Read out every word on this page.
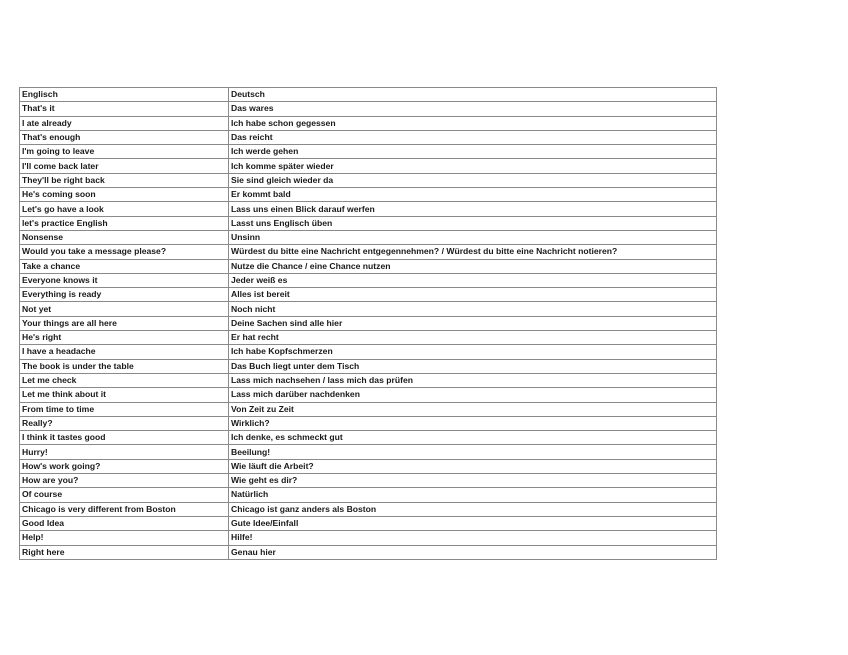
Englisch	Deutsch
That's it	Das wares
I ate already	Ich habe schon gegessen
That's enough	Das reicht
I'm going to leave	Ich werde gehen
I'll come back later	Ich komme später wieder
They'll be right back	Sie sind gleich wieder da
He's coming soon	Er kommt bald
Let's go have a look	Lass uns einen Blick darauf werfen
let's practice English	Lasst uns Englisch üben
Nonsense	Unsinn
Would you take a message please?	Würdest du bitte eine Nachricht entgegennehmen? / Würdest du bitte eine Nachricht notieren?
Take a chance	Nutze die Chance / eine Chance nutzen
Everyone knows it	Jeder weiß es
Everything is ready	Alles ist bereit
Not yet	Noch nicht
Your things are all here	Deine Sachen sind alle hier
He's right	Er hat recht
I have a headache	Ich habe Kopfschmerzen
The book is under the table	Das Buch liegt unter dem Tisch
Let me check	Lass mich nachsehen / lass mich das prüfen
Let me think about it	Lass mich darüber nachdenken
From time to time	Von Zeit zu Zeit
Really?	Wirklich?
I think it tastes good	Ich denke, es schmeckt gut
Hurry!	Beeilung!
How's work going?	Wie läuft die Arbeit?
How are you?	Wie geht es dir?
Of course	Natürlich
Chicago is very different from Boston	Chicago ist ganz anders als Boston
Good Idea	Gute Idee/Einfall
Help!	Hilfe!
Right here	Genau hier
